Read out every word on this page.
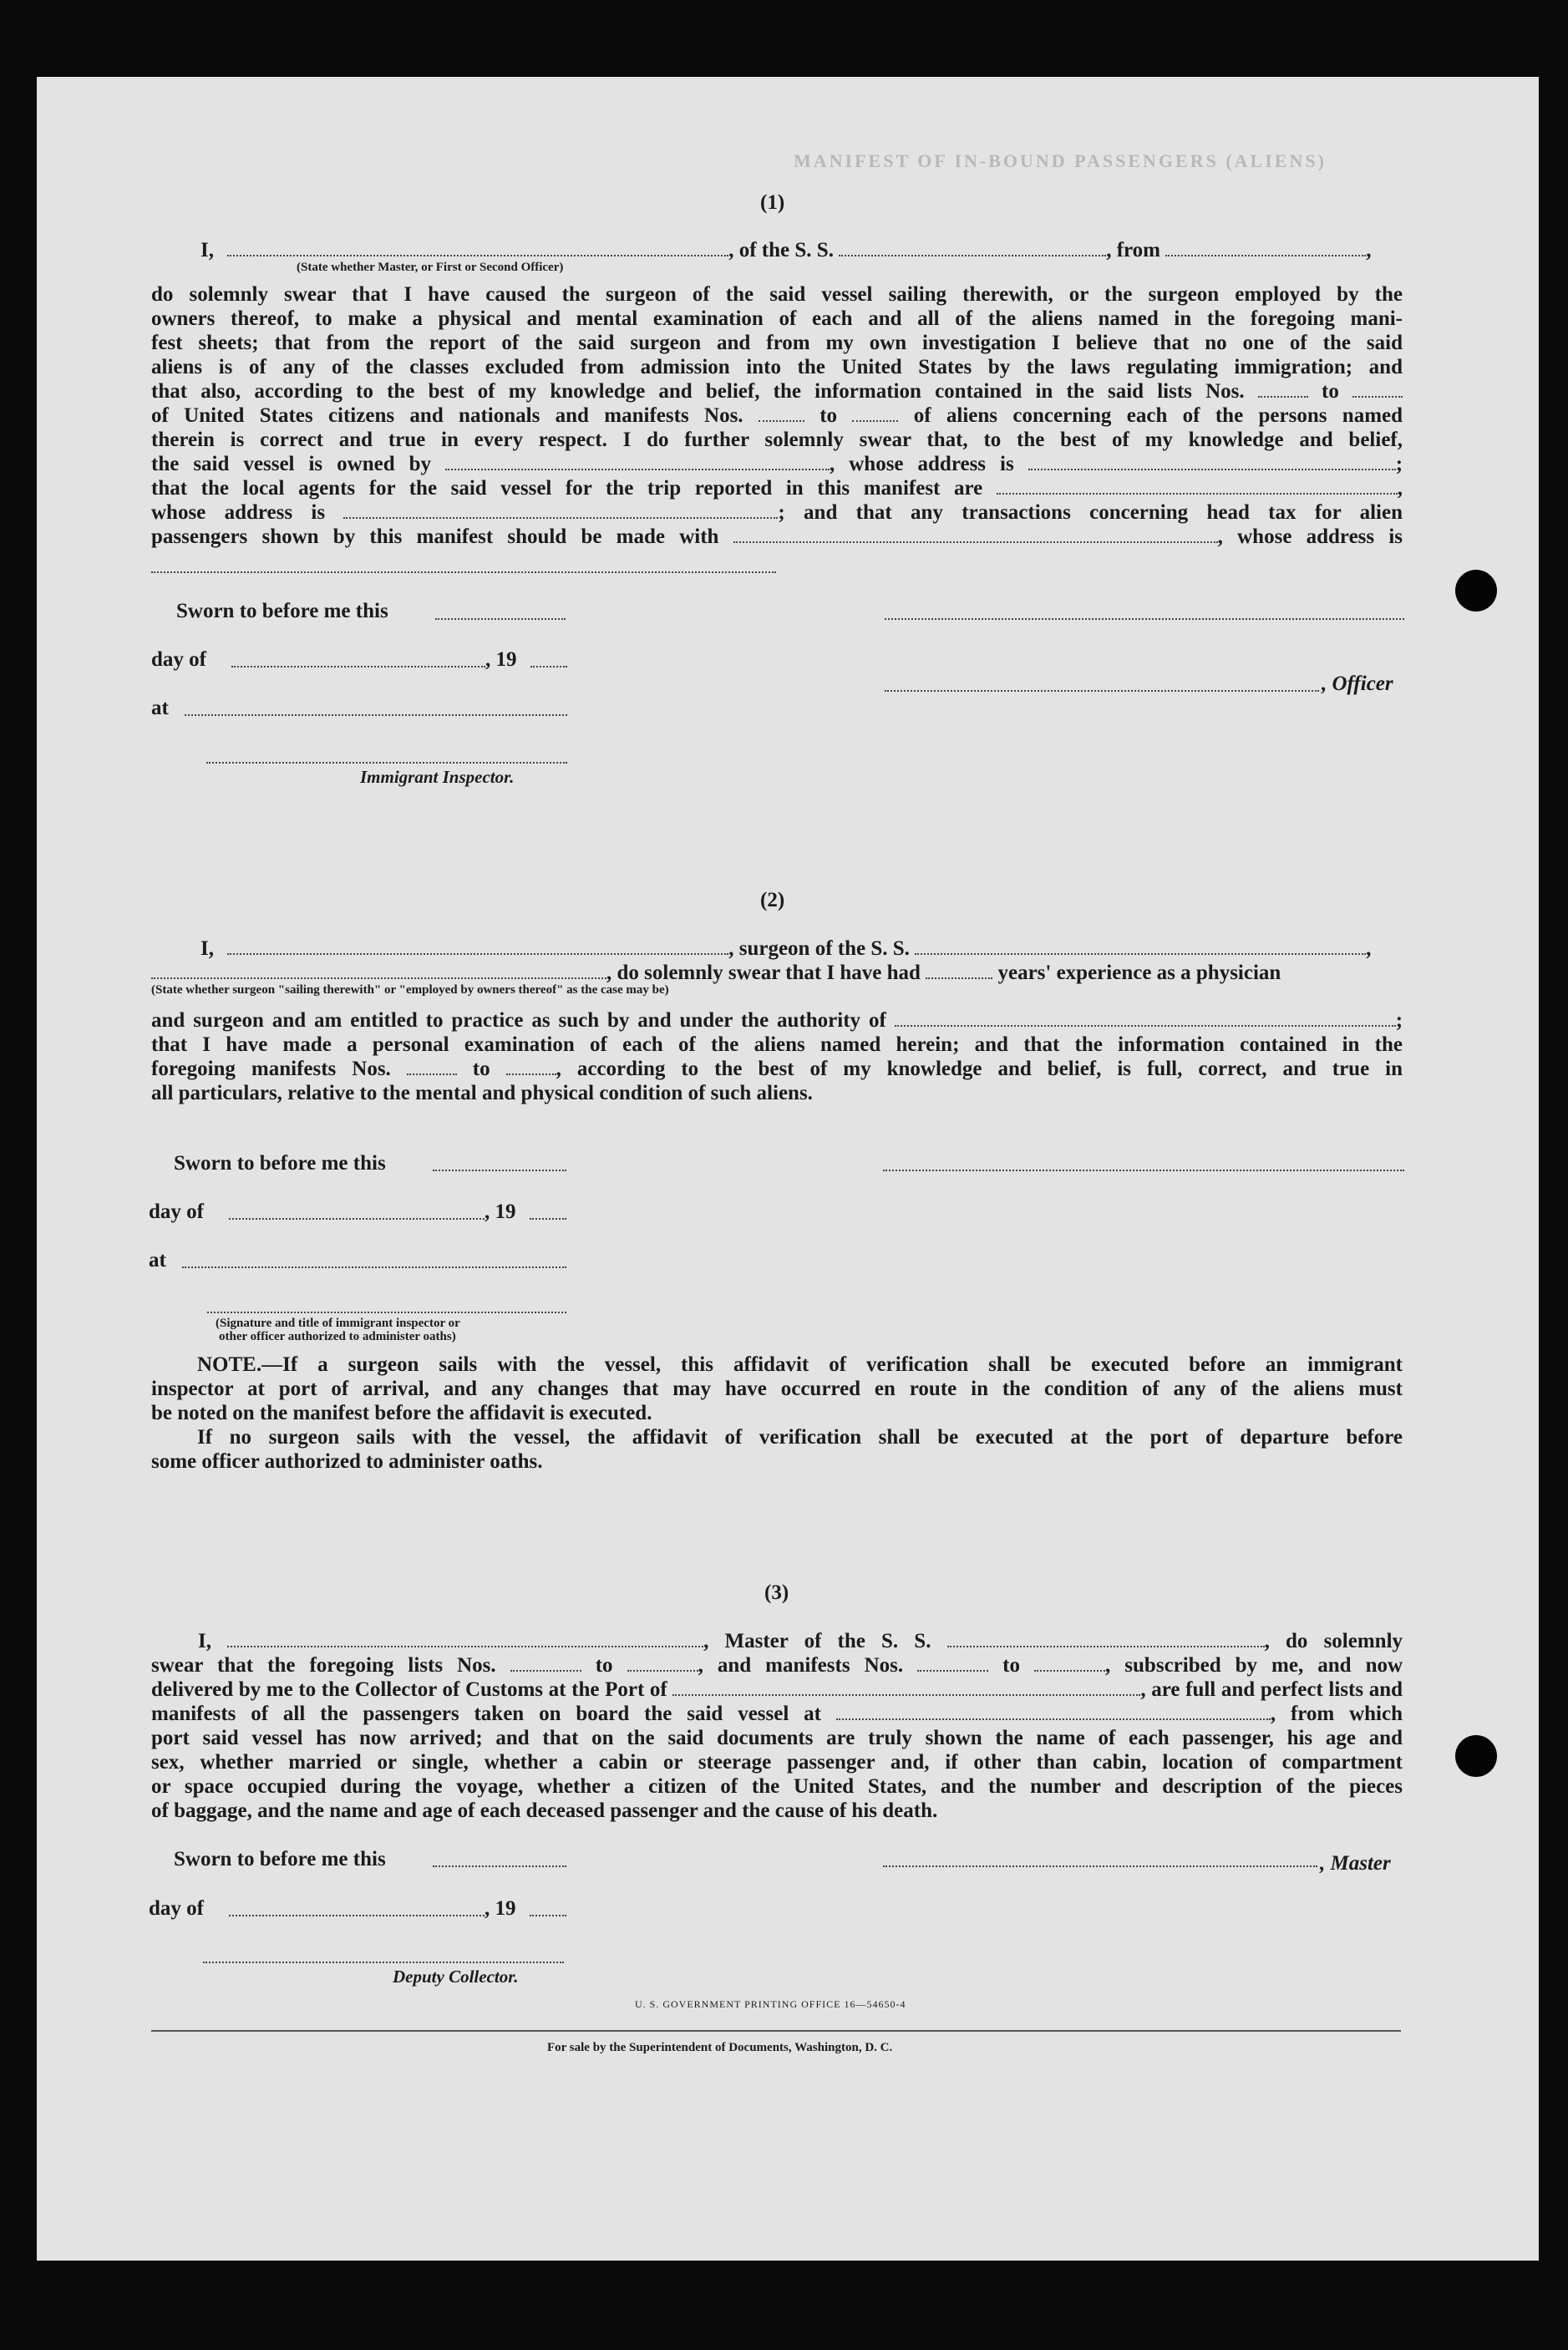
MANIFEST OF IN-BOUND PASSENGERS (ALIENS)
(1)
I,	, of the S. S.	, from	,
(State whether Master, or First or Second Officer)
do solemnly swear that I have caused the surgeon of the said vessel sailing therewith, or the surgeon employed by the
owners thereof, to make a physical and mental examination of each and all of the aliens named in the foregoing mani-
fest sheets; that from the report of the said surgeon and from my own investigation I believe that no one of the said
aliens is of any of the classes excluded from admission into the United States by the laws regulating immigration; and
that also, according to the best of my knowledge and belief, the information contained in the said lists Nos.	to
of United States citizens and nationals and manifests Nos.	to	of aliens concerning each of the persons named
therein is correct and true in every respect. I do further solemnly swear that, to the best of my knowledge and belief,
the said vessel is owned by	, whose address is	;
that the local agents for the said vessel for the trip reported in this manifest are	,
whose address is	; and that any transactions concerning head tax for alien
passengers shown by this manifest should be made with	, whose address is
Sworn to before me this
day of	, 19
at
, Officer
Immigrant Inspector.
(2)
I,	, surgeon of the S. S.	,
, do solemnly swear that I have had	years' experience as a physician
(State whether surgeon "sailing therewith" or "employed by owners thereof" as the case may be)
and surgeon and am entitled to practice as such by and under the authority of	;
that I have made a personal examination of each of the aliens named herein; and that the information contained in the
foregoing manifests Nos.	to	, according to the best of my knowledge and belief, is full, correct, and true in
all particulars, relative to the mental and physical condition of such aliens.
Sworn to before me this
day of	, 19
at
(Signature and title of immigrant inspector or
other officer authorized to administer oaths)
NOTE.—If a surgeon sails with the vessel, this affidavit of verification shall be executed before an immigrant
inspector at port of arrival, and any changes that may have occurred en route in the condition of any of the aliens must
be noted on the manifest before the affidavit is executed.
If no surgeon sails with the vessel, the affidavit of verification shall be executed at the port of departure before
some officer authorized to administer oaths.
(3)
I,	, Master of the S. S.	, do solemnly
swear that the foregoing lists Nos.	to	, and manifests Nos.	to	, subscribed by me, and now
delivered by me to the Collector of Customs at the Port of	, are full and perfect lists and
manifests of all the passengers taken on board the said vessel at	, from which
port said vessel has now arrived; and that on the said documents are truly shown the name of each passenger, his age and
sex, whether married or single, whether a cabin or steerage passenger and, if other than cabin, location of compartment
or space occupied during the voyage, whether a citizen of the United States, and the number and description of the pieces
of baggage, and the name and age of each deceased passenger and the cause of his death.
Sworn to before me this	, Master
day of	, 19
Deputy Collector.
U. S. GOVERNMENT PRINTING OFFICE 16—54650-4
For sale by the Superintendent of Documents, Washington, D. C.
